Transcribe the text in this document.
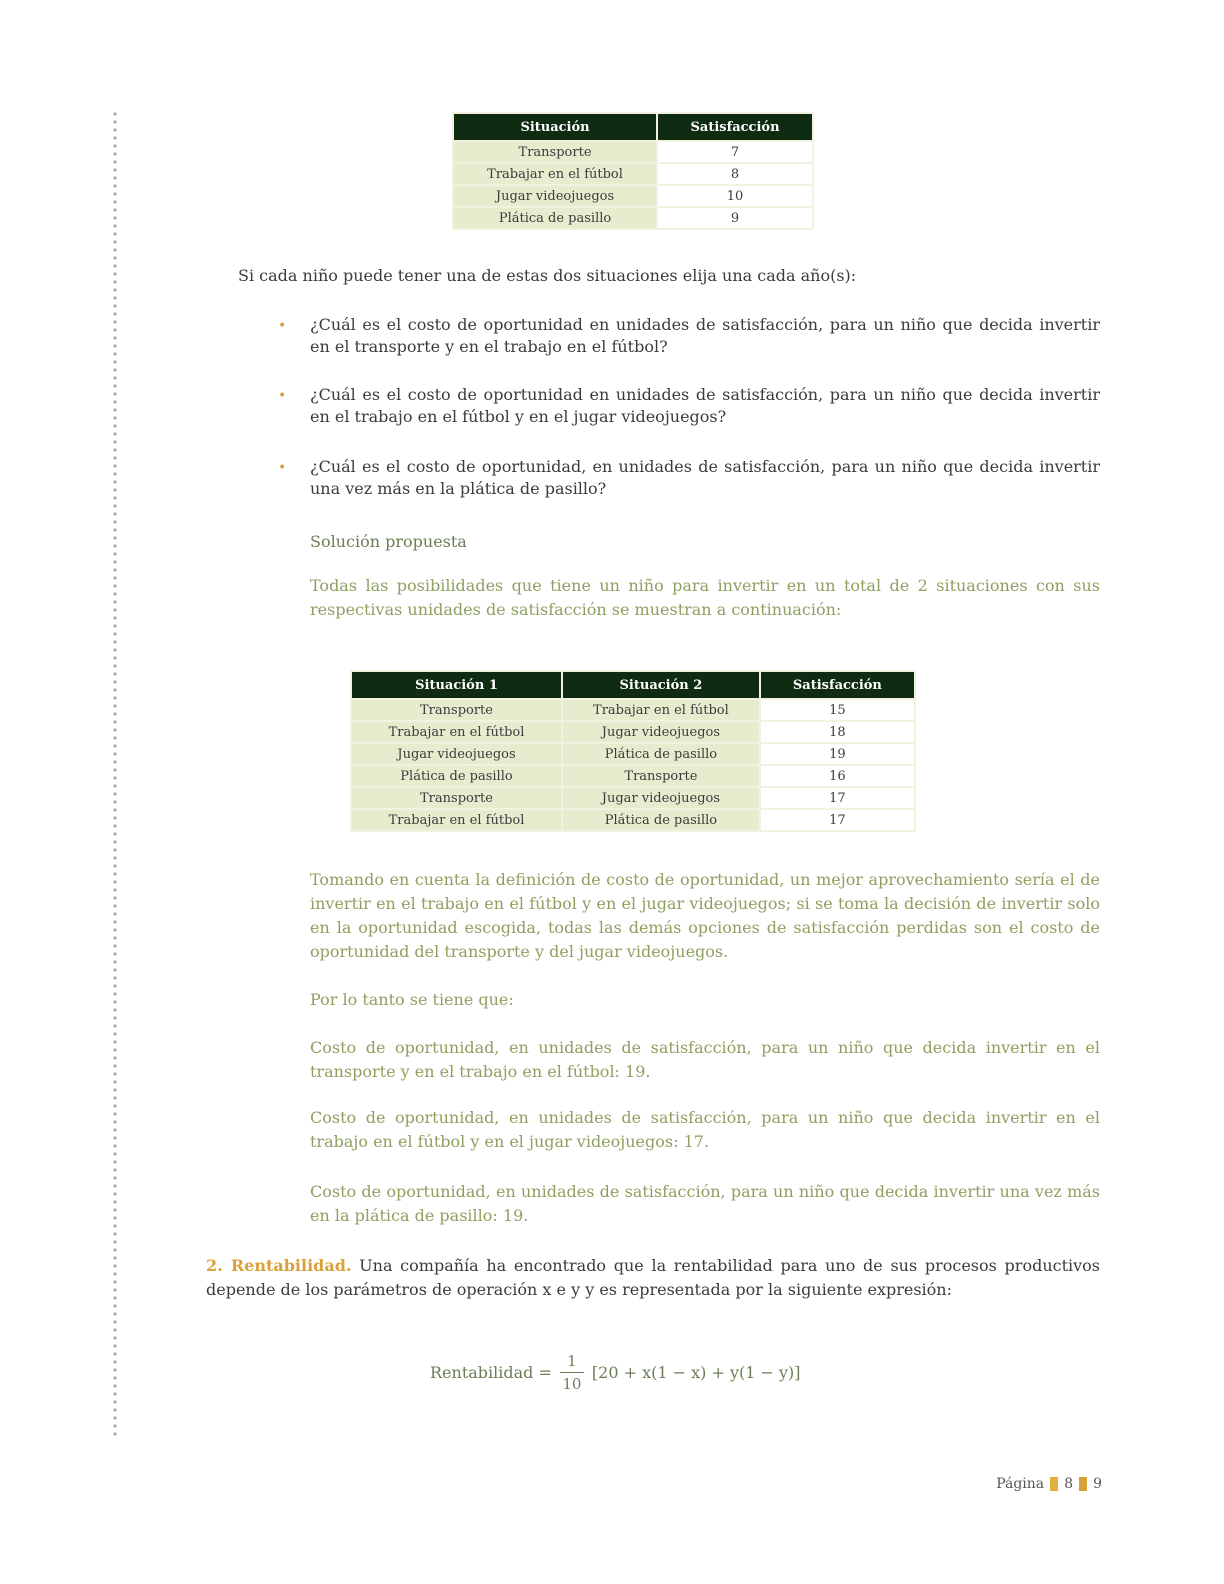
Situación	Satisfacción
Transporte	7
Trabajar en el fútbol	8
Jugar videojuegos	10
Plática de pasillo	9
Si cada niño puede tener una de estas dos situaciones elija una cada año(s):
• ¿Cuál es el costo de oportunidad en unidades de satisfacción, para un niño que decida invertir en el transporte y en el trabajo en el fútbol?
• ¿Cuál es el costo de oportunidad en unidades de satisfacción, para un niño que decida invertir en el trabajo en el fútbol y en el jugar videojuegos?
• ¿Cuál es el costo de oportunidad, en unidades de satisfacción, para un niño que decida invertir una vez más en la plática de pasillo?
Solución propuesta
Todas las posibilidades que tiene un niño para invertir en un total de 2 situaciones con sus respectivas unidades de satisfacción se muestran a continuación:
Situación 1	Situación 2	Satisfacción
Transporte	Trabajar en el fútbol	15
Trabajar en el fútbol	Jugar videojuegos	18
Jugar videojuegos	Plática de pasillo	19
Plática de pasillo	Transporte	16
Transporte	Jugar videojuegos	17
Trabajar en el fútbol	Plática de pasillo	17
Tomando en cuenta la definición de costo de oportunidad, un mejor aprovechamiento sería el de invertir en el trabajo en el fútbol y en el jugar videojuegos; si se toma la decisión de invertir solo en la oportunidad escogida, todas las demás opciones de satisfacción perdidas son el costo de oportunidad del transporte y del jugar videojuegos.
Por lo tanto se tiene que:
Costo de oportunidad, en unidades de satisfacción, para un niño que decida invertir en el transporte y en el trabajo en el fútbol: 19.
Costo de oportunidad, en unidades de satisfacción, para un niño que decida invertir en el trabajo en el fútbol y en el jugar videojuegos: 17.
Costo de oportunidad, en unidades de satisfacción, para un niño que decida invertir una vez más en la plática de pasillo: 19.
2. Rentabilidad. Una compañía ha encontrado que la rentabilidad para uno de sus procesos productivos depende de los parámetros de operación x e y y es representada por la siguiente expresión:
Rentabilidad = $\frac{1}{10} [20 + x(1 - x) + y(1 - y)]$
Página 8 9
